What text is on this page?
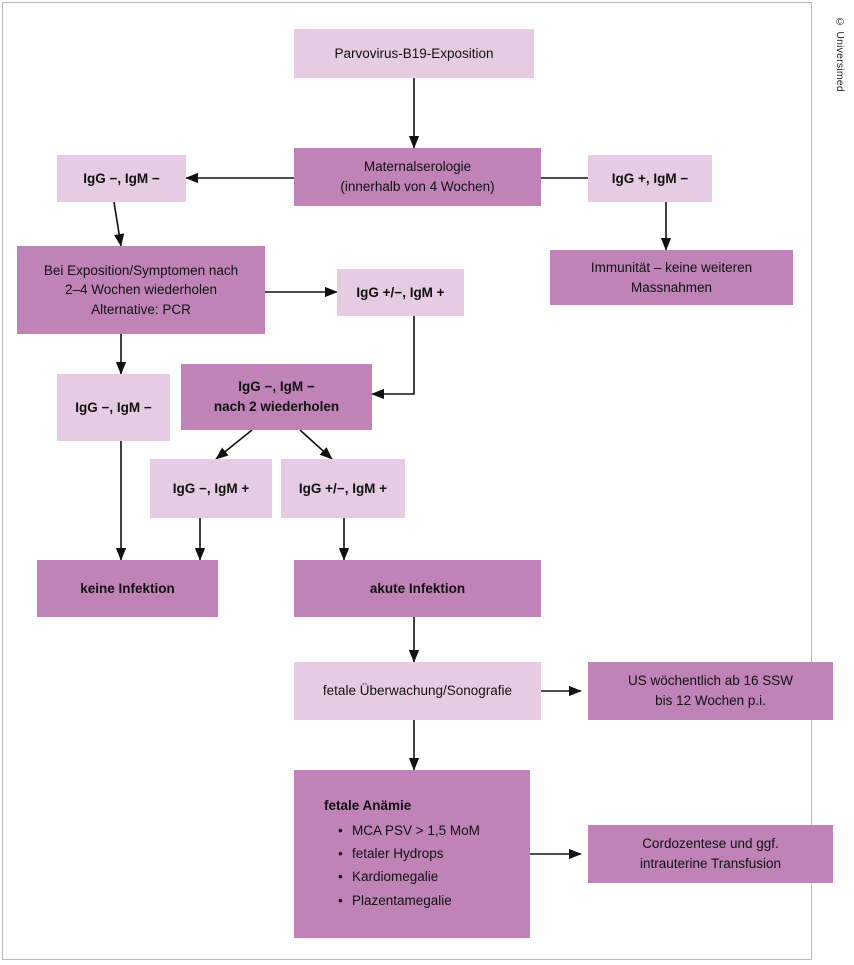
Parvovirus-B19-Exposition
Maternalserologie
(innerhalb von 4 Wochen)
IgG −, IgM −	IgG +, IgM −
Immunität – keine weiteren
Massnahmen
Bei Exposition/Symptomen nach
2–4 Wochen wiederholen
Alternative: PCR
IgG +/−, IgM +
IgG −, IgM −
IgG −, IgM −
nach 2 wiederholen
IgG −, IgM +	IgG +/−, IgM +
keine Infektion	akute Infektion
fetale Überwachung/Sonografie
US wöchentlich ab 16 SSW
bis 12 Wochen p.i.
fetale Anämie
• MCA PSV > 1,5 MoM
• fetaler Hydrops
• Kardiomegalie
• Plazentamegalie
Cordozentese und ggf.
intrauterine Transfusion
© Universimed
